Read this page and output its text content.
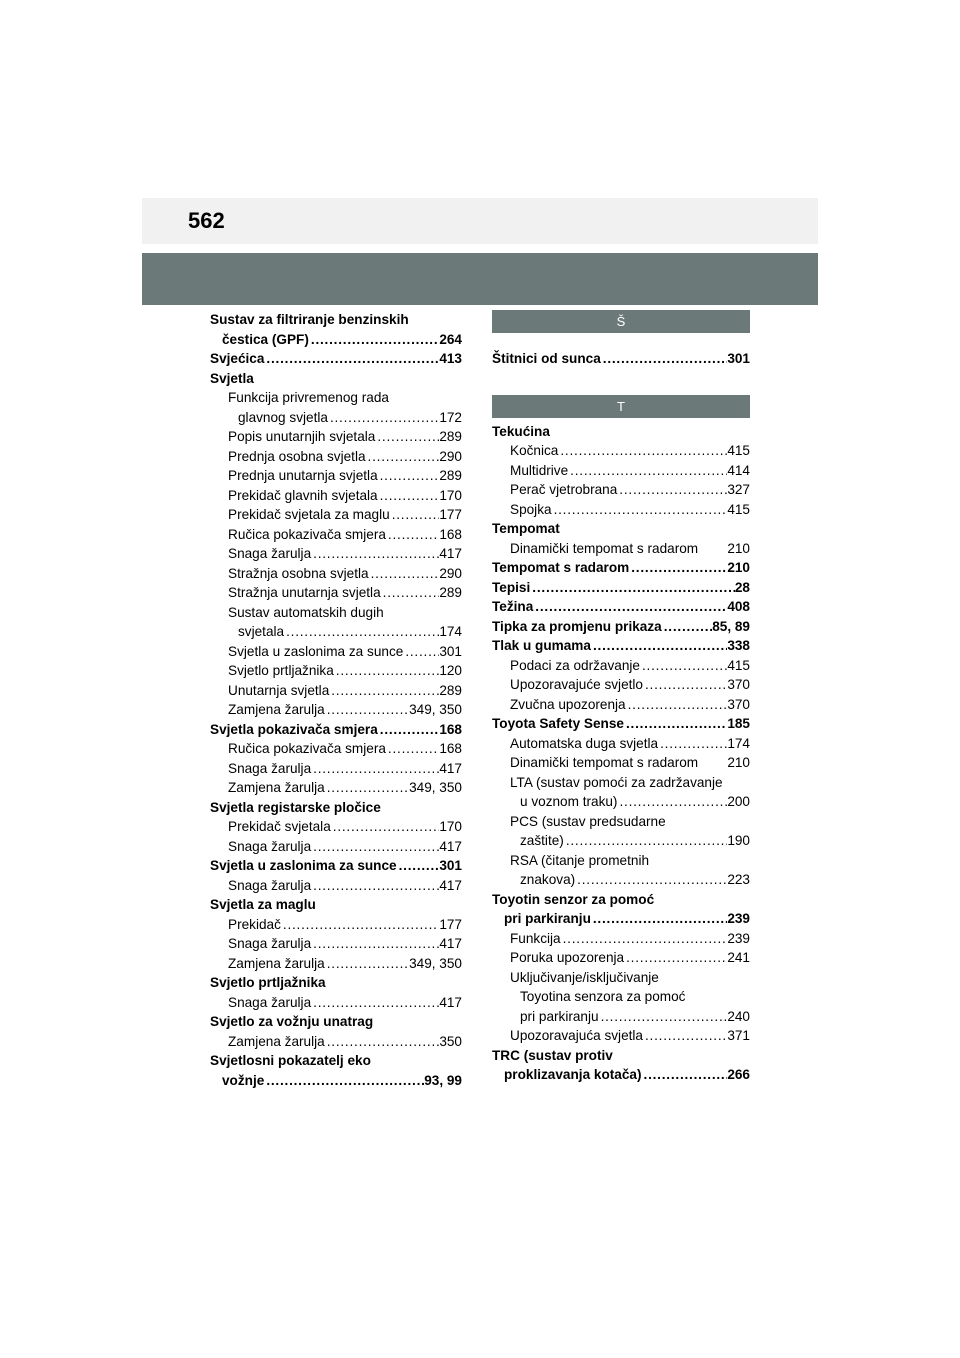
562
Sustav za filtriranje benzinskih
čestica (GPF) . . .	264
Svjećica . . .	413
Svjetla
Funkcija privremenog rada
glavnog svjetla . . .	172
Popis unutarnjih svjetala . . .	289
Prednja osobna svjetla . . .	290
Prednja unutarnja svjetla . . .	289
Prekidač glavnih svjetala . . .	170
Prekidač svjetala za maglu . . .	177
Ručica pokazivača smjera . . .	168
Snaga žarulja . . .	417
Stražnja osobna svjetla . . .	290
Stražnja unutarnja svjetla . . .	289
Sustav automatskih dugih
svjetala . . .	174
Svjetla u zaslonima za sunce . . .	301
Svjetlo prtljažnika . . .	120
Unutarnja svjetla . . .	289
Zamjena žarulja . . .	349, 350
Svjetla pokazivača smjera . . .	168
Ručica pokazivača smjera . . .	168
Snaga žarulja . . .	417
Zamjena žarulja . . .	349, 350
Svjetla registarske pločice
Prekidač svjetala . . .	170
Snaga žarulja . . .	417
Svjetla u zaslonima za sunce . . .	301
Snaga žarulja . . .	417
Svjetla za maglu
Prekidač . . .	177
Snaga žarulja . . .	417
Zamjena žarulja . . .	349, 350
Svjetlo prtljažnika
Snaga žarulja . . .	417
Svjetlo za vožnju unatrag
Zamjena žarulja . . .	350
Svjetlosni pokazatelj eko
vožnje . . .	93, 99
Š
Štitnici od sunca . . .	301
T
Tekućina
Kočnica . . .	415
Multidrive . . .	414
Perač vjetrobrana . . .	327
Spojka . . .	415
Tempomat
Dinamički tempomat s radarom 210
Tempomat s radarom . . .	210
Tepisi . . .	28
Težina . . .	408
Tipka za promjenu prikaza . . .	85, 89
Tlak u gumama . . .	338
Podaci za održavanje . . .	415
Upozoravajuće svjetlo . . .	370
Zvučna upozorenja . . .	370
Toyota Safety Sense . . .	185
Automatska duga svjetla . . .	174
Dinamički tempomat s radarom 210
LTA (sustav pomoći za zadržavanje
u voznom traku) . . .	200
PCS (sustav predsudarne
zaštite) . . .	190
RSA (čitanje prometnih
znakova) . . .	223
Toyotin senzor za pomoć
pri parkiranju . . .	239
Funkcija . . .	239
Poruka upozorenja . . .	241
Uključivanje/isključivanje
Toyotina senzora za pomoć
pri parkiranju . . .	240
Upozoravajuća svjetla . . .	371
TRC (sustav protiv
proklizavanja kotača) . . .	266
